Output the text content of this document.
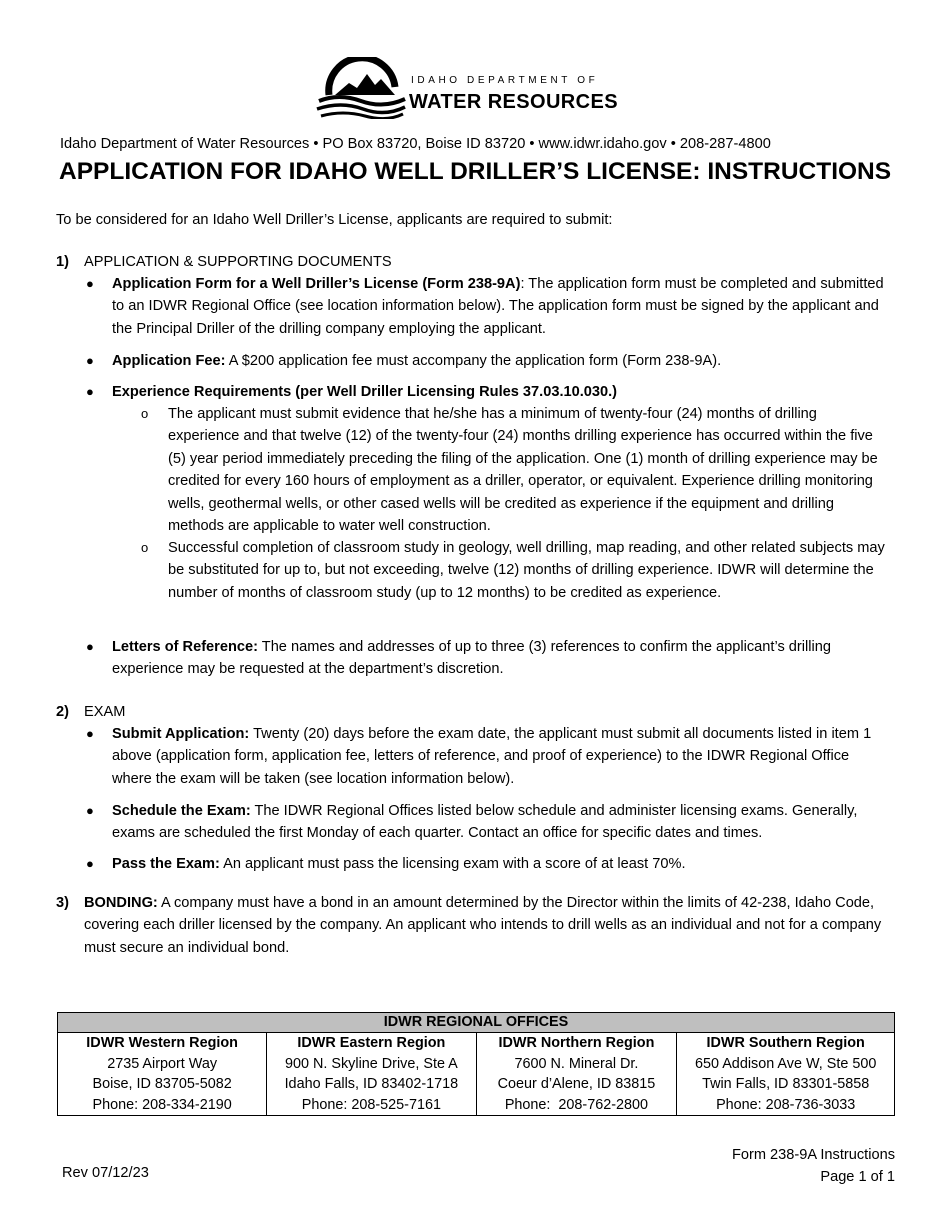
IDAHO DEPARTMENT OF
WATER RESOURCES
Idaho Department of Water Resources • PO Box 83720, Boise ID 83720 • www.idwr.idaho.gov • 208-287-4800
APPLICATION FOR IDAHO WELL DRILLER’S LICENSE: INSTRUCTIONS
To be considered for an Idaho Well Driller’s License, applicants are required to submit:
1) APPLICATION & SUPPORTING DOCUMENTS
● Application Form for a Well Driller’s License (Form 238-9A): The application form must be completed and submitted to an IDWR Regional Office (see location information below). The application form must be signed by the applicant and the Principal Driller of the drilling company employing the applicant.
● Application Fee: A $200 application fee must accompany the application form (Form 238-9A).
● Experience Requirements (per Well Driller Licensing Rules 37.03.10.030.)
o The applicant must submit evidence that he/she has a minimum of twenty-four (24) months of drilling experience and that twelve (12) of the twenty-four (24) months drilling experience has occurred within the five (5) year period immediately preceding the filing of the application. One (1) month of drilling experience may be credited for every 160 hours of employment as a driller, operator, or equivalent. Experience drilling monitoring wells, geothermal wells, or other cased wells will be credited as experience if the equipment and drilling methods are applicable to water well construction.
o Successful completion of classroom study in geology, well drilling, map reading, and other related subjects may be substituted for up to, but not exceeding, twelve (12) months of drilling experience. IDWR will determine the number of months of classroom study (up to 12 months) to be credited as experience.
● Letters of Reference: The names and addresses of up to three (3) references to confirm the applicant’s drilling experience may be requested at the department’s discretion.
2) EXAM
● Submit Application: Twenty (20) days before the exam date, the applicant must submit all documents listed in item 1 above (application form, application fee, letters of reference, and proof of experience) to the IDWR Regional Office where the exam will be taken (see location information below).
● Schedule the Exam: The IDWR Regional Offices listed below schedule and administer licensing exams. Generally, exams are scheduled the first Monday of each quarter. Contact an office for specific dates and times.
● Pass the Exam: An applicant must pass the licensing exam with a score of at least 70%.
3) BONDING: A company must have a bond in an amount determined by the Director within the limits of 42-238, Idaho Code, covering each driller licensed by the company. An applicant who intends to drill wells as an individual and not for a company must secure an individual bond.
IDWR REGIONAL OFFICES

IDWR Western Region
2735 Airport Way
Boise, ID 83705-5082
Phone: 208-334-2190

IDWR Eastern Region
900 N. Skyline Drive, Ste A
Idaho Falls, ID 83402-1718
Phone: 208-525-7161

IDWR Northern Region
7600 N. Mineral Dr.
Coeur d’Alene, ID 83815
Phone:  208-762-2800

IDWR Southern Region
650 Addison Ave W, Ste 500
Twin Falls, ID 83301-5858
Phone: 208-736-3033
Rev 07/12/23
Form 238-9A Instructions
Page 1 of 1
